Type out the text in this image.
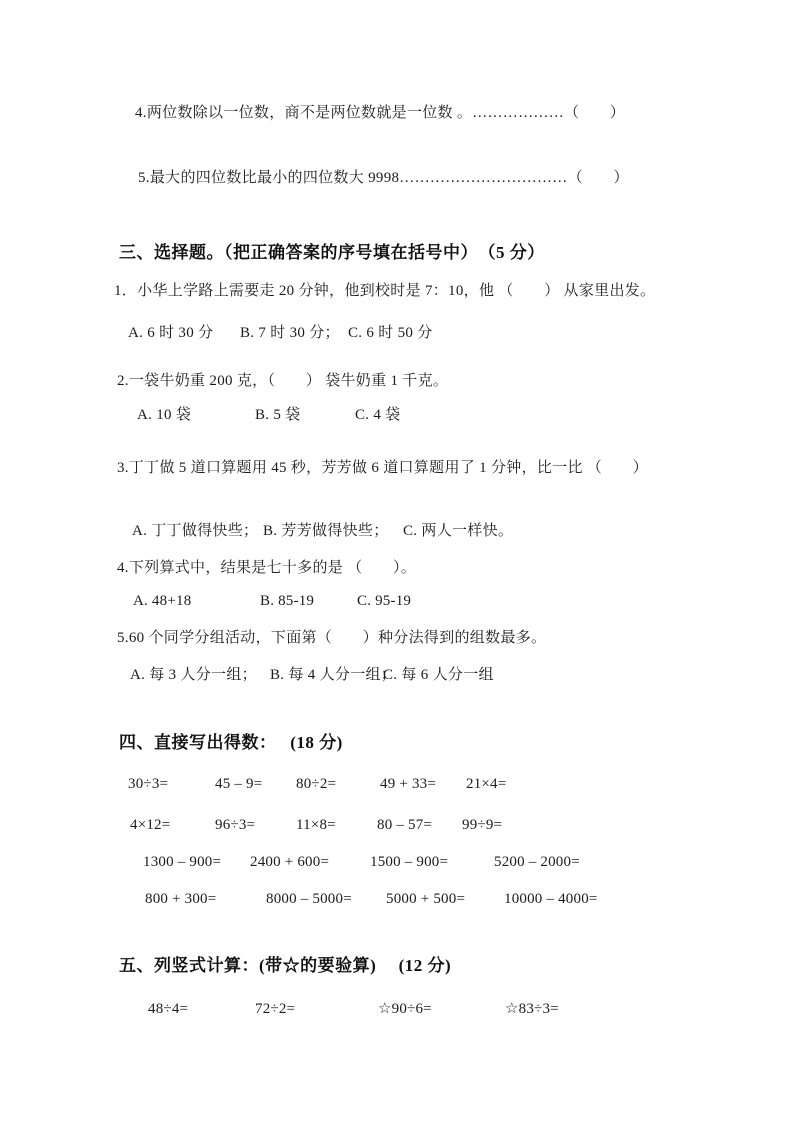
4.两位数除以一位数，商不是两位数就是一位数 。………………（　　）
5.最大的四位数比最小的四位数大 9998……………………………（　　）
三、选择题。（把正确答案的序号填在括号中）　（5 分）
1．小华上学路上需要走 20 分钟，他到校时是 7：10，他 （　　） 从家里出发。
A. 6 时 30 分 B. 7 时 30 分； C. 6 时 50 分
2.一袋牛奶重 200 克，（　　） 袋牛奶重 1 千克。
A. 10 袋	B. 5 袋	C. 4 袋
3.丁丁做 5 道口算题用 45 秒，芳芳做 6 道口算题用了 1 分钟，比一比 （　　）
A. 丁丁做得快些； B. 芳芳做得快些； C. 两人一样快。
4.下列算式中，结果是七十多的是 （　　）。
A. 48+18	B. 85-19	C. 95-19
5.60 个同学分组活动，下面第（　　）种分法得到的组数最多。
A. 每 3 人分一组； B. 每 4 人分一组；
C. 每 6 人分一组
四、直接写出得数：　 (18 分)
30÷3=	45 – 9= 80÷2=	49 + 33= 21×4=
4×12=	96÷3=	11×8=	80 – 57= 99÷9=
1300 – 900= 2400 + 600=	1500 – 900=	5200 – 2000=
800 + 300=	8000 – 5000= 5000 + 500=	10000 – 4000=
五、列竖式计算：(带☆的要验算)　 (12 分)
48÷4=	72÷2=	☆90÷6=	☆83÷3=
